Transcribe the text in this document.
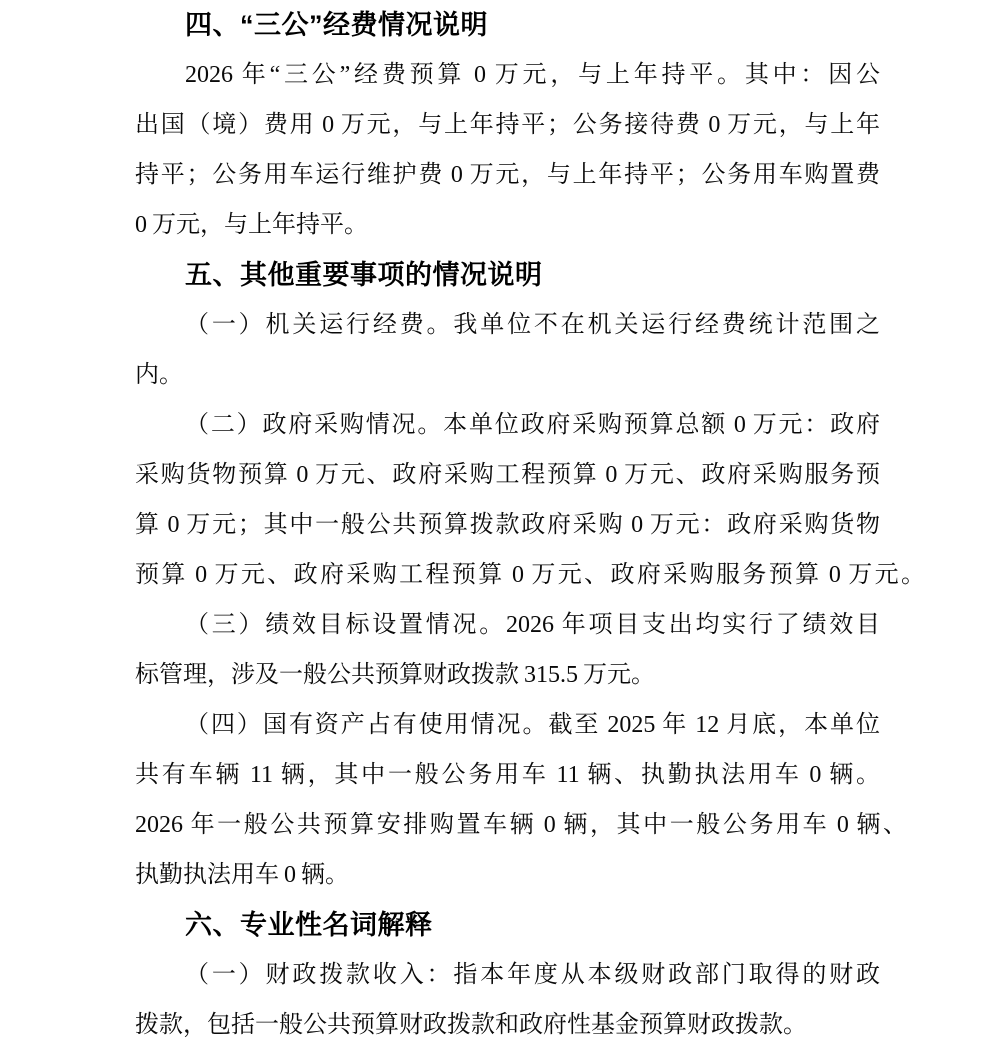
四、“三公”经费情况说明
2026 年“三公”经费预算 0 万元，与上年持平。其中：因公
出国（境）费用 0 万元，与上年持平；公务接待费 0 万元，与上年
持平；公务用车运行维护费 0 万元，与上年持平；公务用车购置费
0 万元，与上年持平。
五、其他重要事项的情况说明
（一）机关运行经费。我单位不在机关运行经费统计范围之
内。
（二）政府采购情况。本单位政府采购预算总额 0 万元：政府
采购货物预算 0 万元、政府采购工程预算 0 万元、政府采购服务预
算 0 万元；其中一般公共预算拨款政府采购 0 万元：政府采购货物
预算 0 万元、政府采购工程预算 0 万元、政府采购服务预算 0 万元。
（三）绩效目标设置情况。2026 年项目支出均实行了绩效目
标管理，涉及一般公共预算财政拨款 315.5 万元。
（四）国有资产占有使用情况。截至 2025 年 12 月底，本单位
共有车辆 11 辆，其中一般公务用车 11 辆、执勤执法用车 0 辆。
2026 年一般公共预算安排购置车辆 0 辆，其中一般公务用车 0 辆、
执勤执法用车 0 辆。
六、专业性名词解释
（一）财政拨款收入：指本年度从本级财政部门取得的财政
拨款，包括一般公共预算财政拨款和政府性基金预算财政拨款。
